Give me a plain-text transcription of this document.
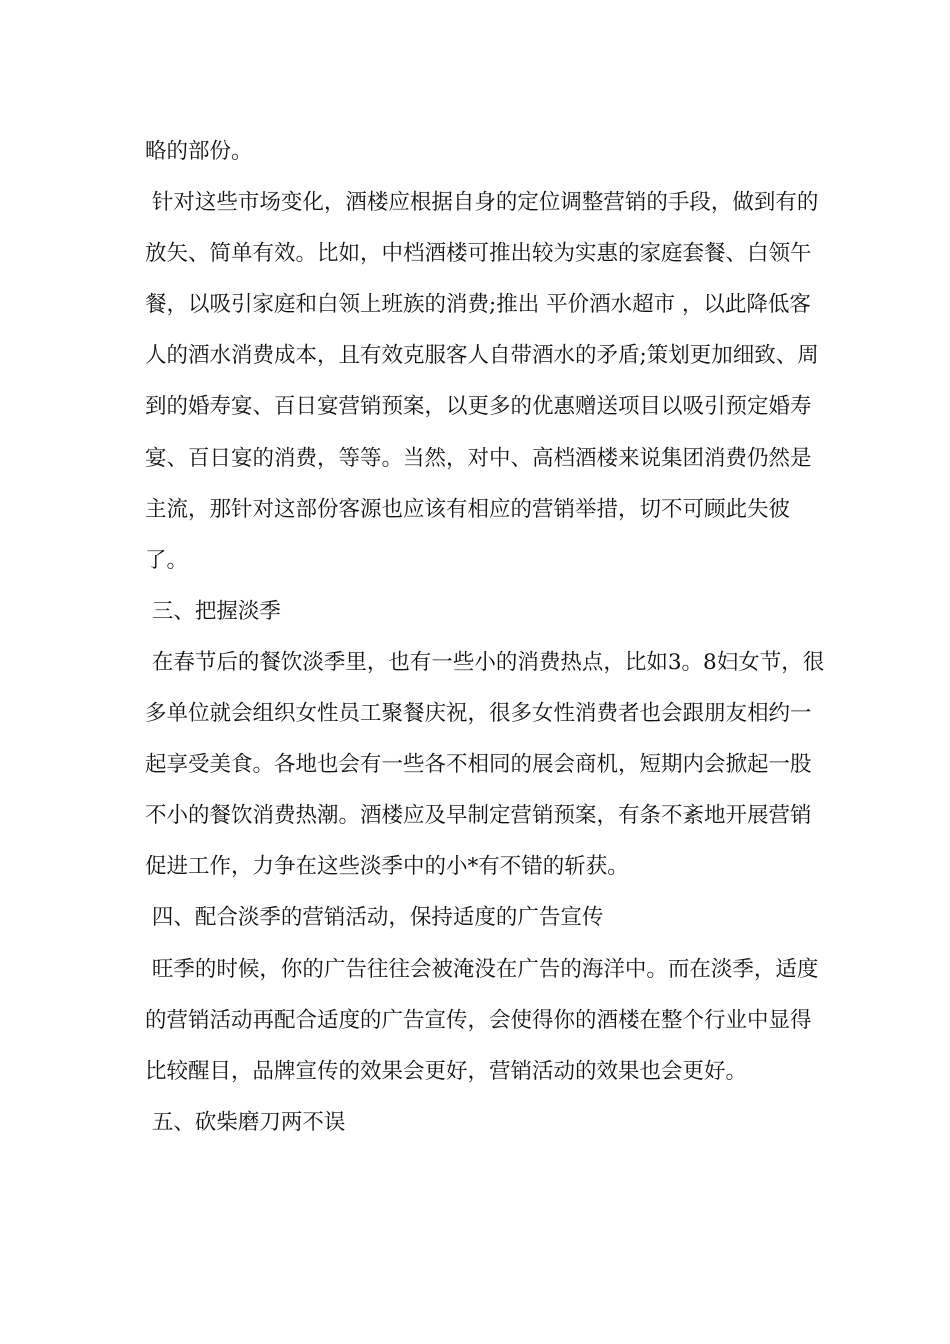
略的部份。

针对这些市场变化，酒楼应根据自身的定位调整营销的手段，做到有的放矢、简单有效。比如，中档酒楼可推出较为实惠的家庭套餐、白领午餐，以吸引家庭和白领上班族的消费;推出 平价酒水超市 ，以此降低客人的酒水消费成本，且有效克服客人自带酒水的矛盾;策划更加细致、周到的婚寿宴、百日宴营销预案，以更多的优惠赠送项目以吸引预定婚寿宴、百日宴的消费，等等。当然，对中、高档酒楼来说集团消费仍然是主流，那针对这部份客源也应该有相应的营销举措，切不可顾此失彼了。

三、把握淡季

在春节后的餐饮淡季里，也有一些小的消费热点，比如3。8妇女节，很多单位就会组织女性员工聚餐庆祝，很多女性消费者也会跟朋友相约一起享受美食。各地也会有一些各不相同的展会商机，短期内会掀起一股不小的餐饮消费热潮。酒楼应及早制定营销预案，有条不紊地开展营销促进工作，力争在这些淡季中的小*有不错的斩获。

四、配合淡季的营销活动，保持适度的广告宣传

旺季的时候，你的广告往往会被淹没在广告的海洋中。而在淡季，适度的营销活动再配合适度的广告宣传，会使得你的酒楼在整个行业中显得比较醒目，品牌宣传的效果会更好，营销活动的效果也会更好。

五、砍柴磨刀两不误
